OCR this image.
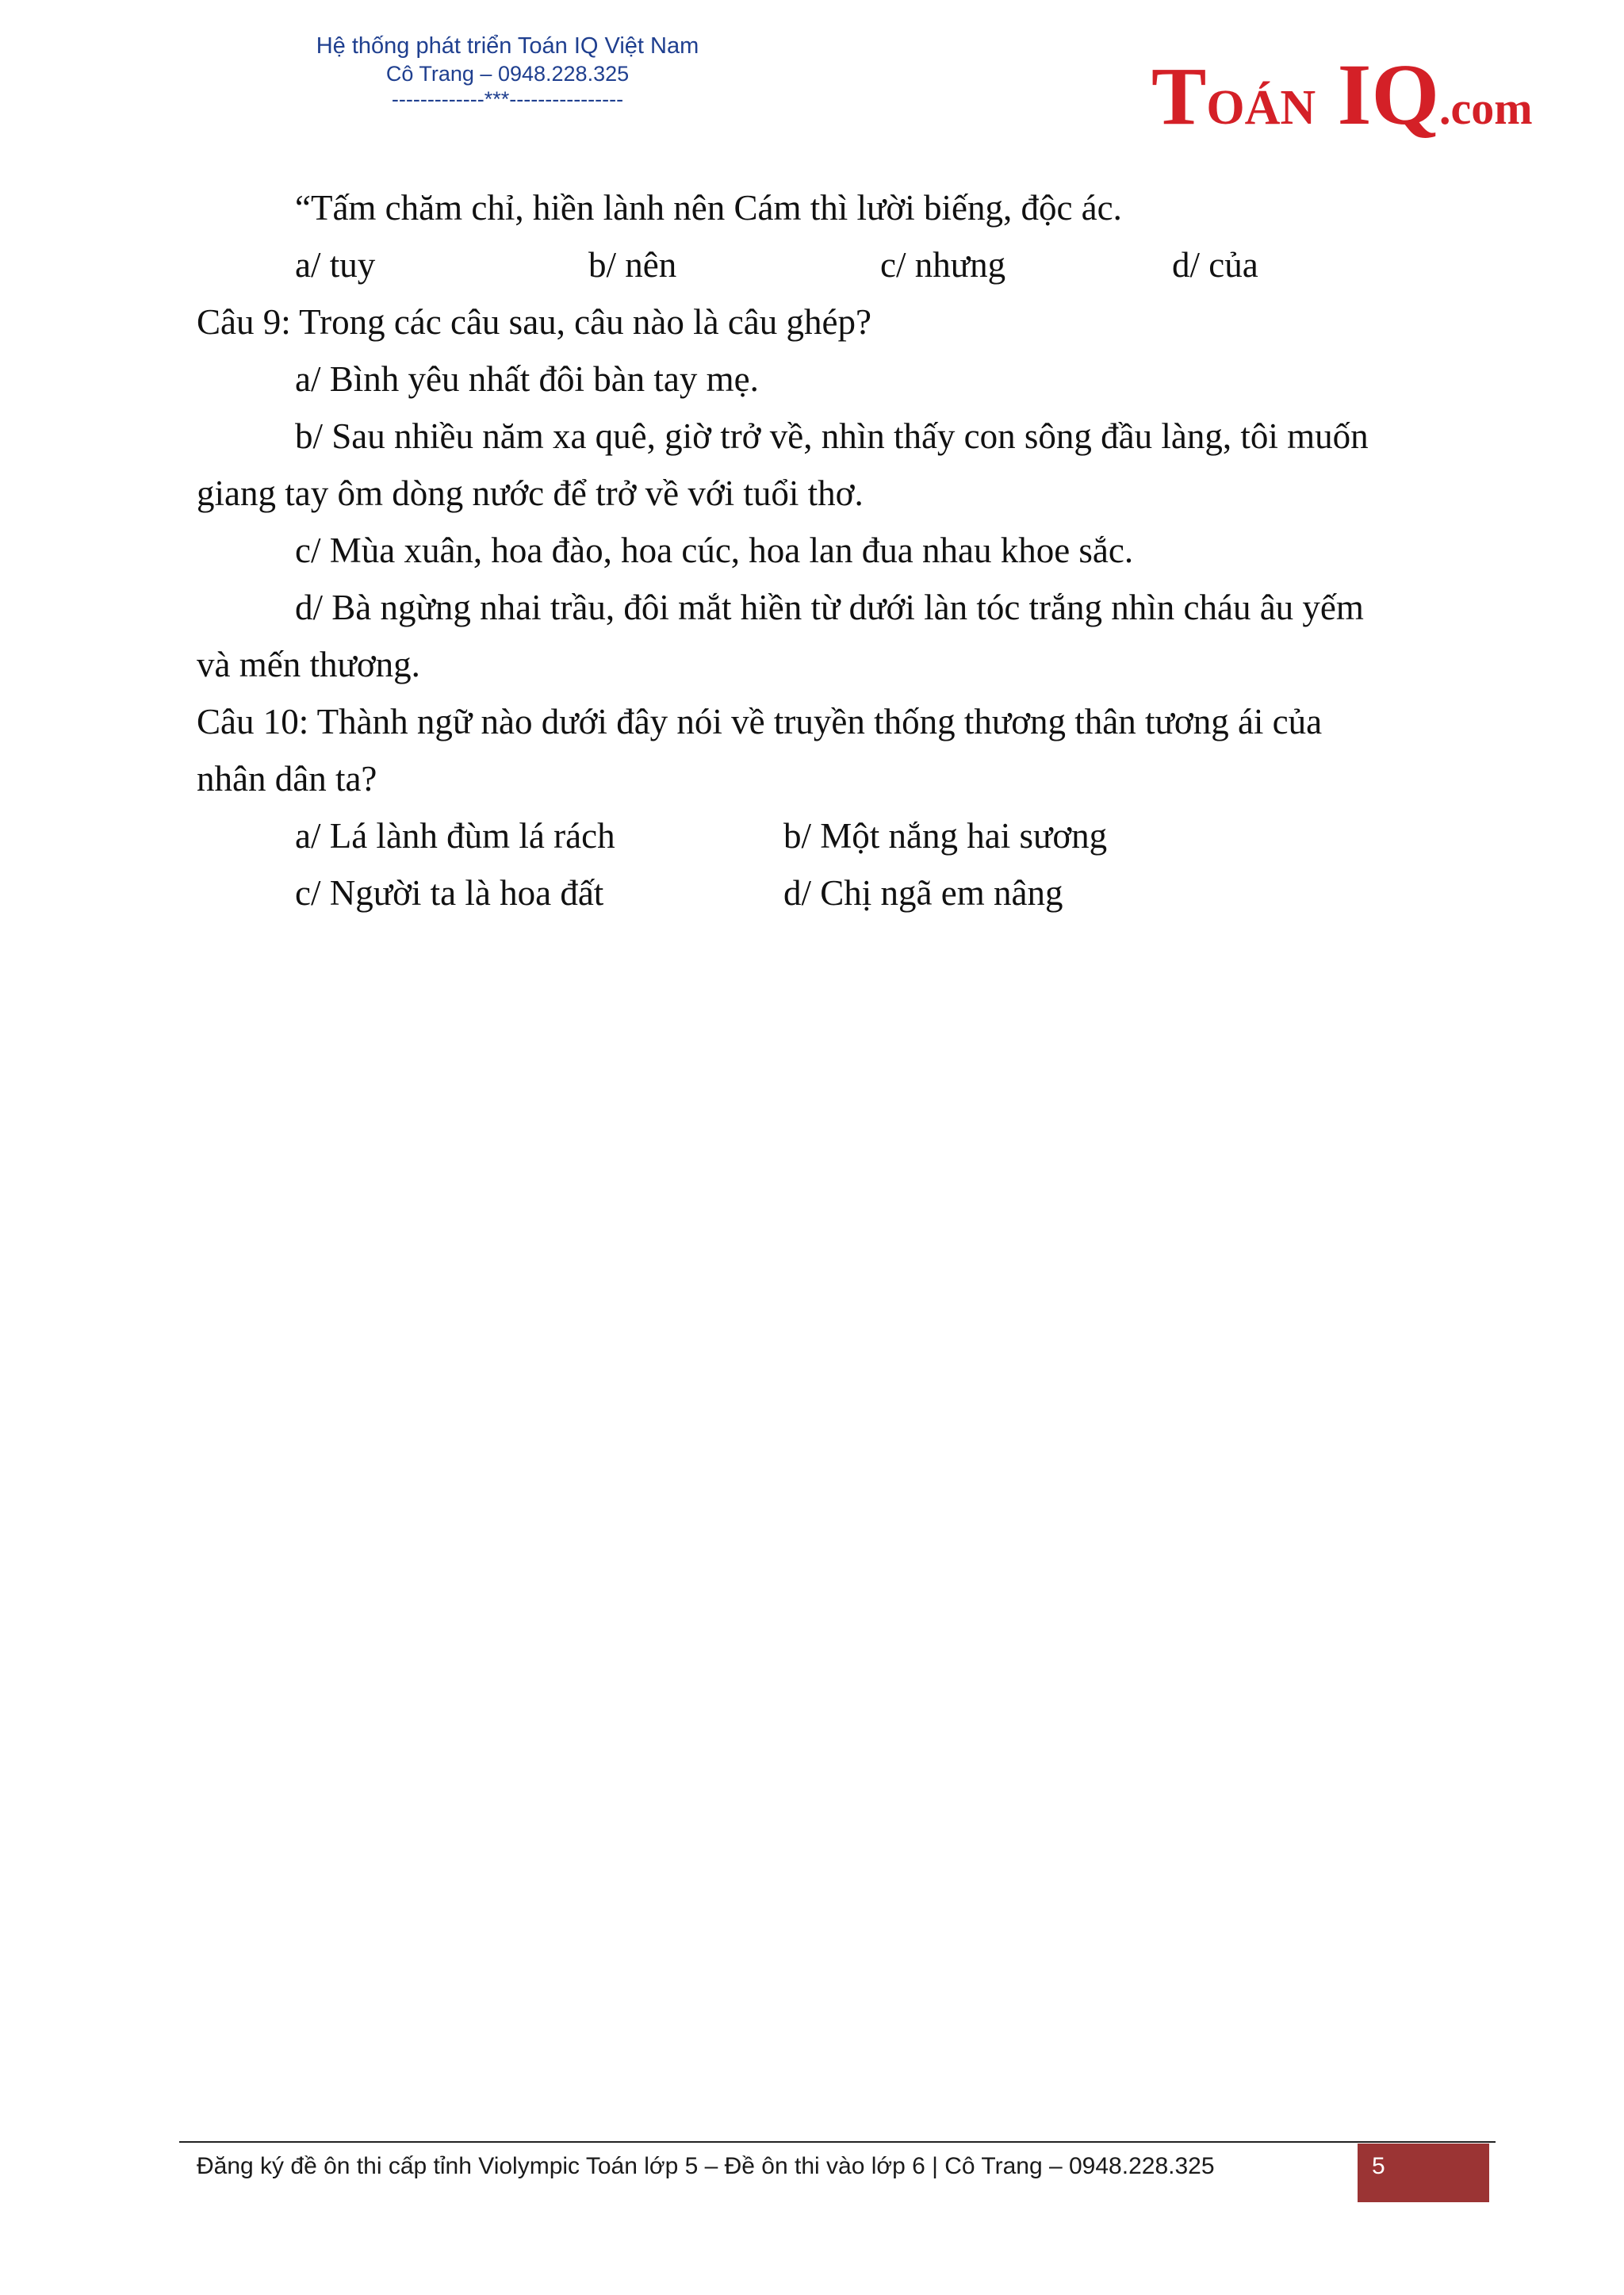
Hệ thống phát triển Toán IQ Việt Nam
Cô Trang – 0948.228.325
-------------***----------------	TOÁN IQ.com
“Tấm chăm chỉ, hiền lành nên Cám thì lười biếng, độc ác.
a/ tuy	b/ nên	c/ nhưng	d/ của
Câu 9: Trong các câu sau, câu nào là câu ghép?
a/ Bình yêu nhất đôi bàn tay mẹ.
b/ Sau nhiều năm xa quê, giờ trở về, nhìn thấy con sông đầu làng, tôi muốn
giang tay ôm dòng nước để trở về với tuổi thơ.
c/ Mùa xuân, hoa đào, hoa cúc, hoa lan đua nhau khoe sắc.
d/ Bà ngừng nhai trầu, đôi mắt hiền từ dưới làn tóc trắng nhìn cháu âu yếm
và mến thương.
Câu 10: Thành ngữ nào dưới đây nói về truyền thống thương thân tương ái của
nhân dân ta?
a/ Lá lành đùm lá rách	b/ Một nắng hai sương
c/ Người ta là hoa đất	d/ Chị ngã em nâng
Đăng ký đề ôn thi cấp tỉnh Violympic Toán lớp 5 – Đề ôn thi vào lớp 6 | Cô Trang – 0948.228.325	5
